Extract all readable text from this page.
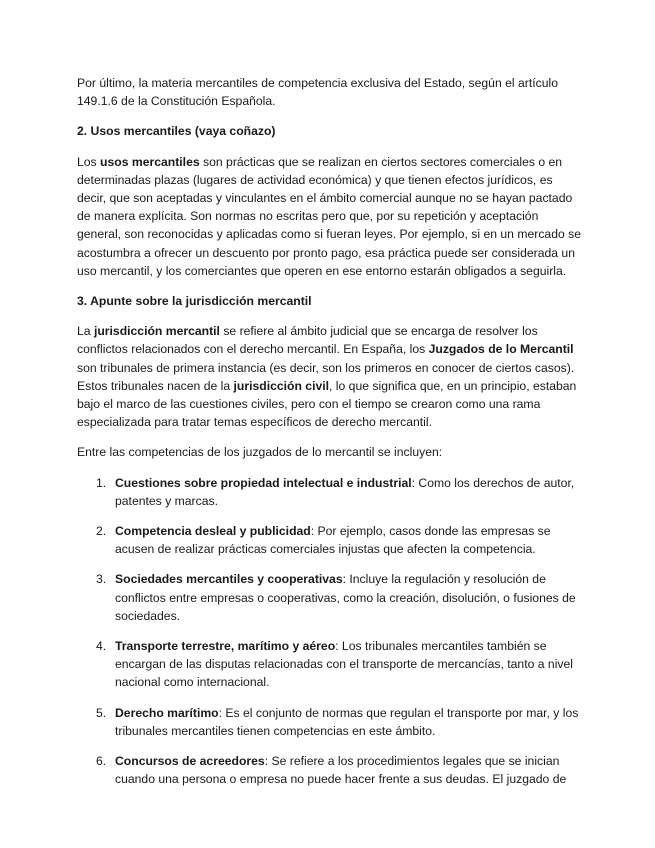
Por último, la materia mercantiles de competencia exclusiva del Estado, según el artículo 149.1.6 de la Constitución Española.

2. Usos mercantiles (vaya coñazo)

Los usos mercantiles son prácticas que se realizan en ciertos sectores comerciales o en determinadas plazas (lugares de actividad económica) y que tienen efectos jurídicos, es decir, que son aceptadas y vinculantes en el ámbito comercial aunque no se hayan pactado de manera explícita. Son normas no escritas pero que, por su repetición y aceptación general, son reconocidas y aplicadas como si fueran leyes. Por ejemplo, si en un mercado se acostumbra a ofrecer un descuento por pronto pago, esa práctica puede ser considerada un uso mercantil, y los comerciantes que operen en ese entorno estarán obligados a seguirla.

3. Apunte sobre la jurisdicción mercantil

La jurisdicción mercantil se refiere al ámbito judicial que se encarga de resolver los conflictos relacionados con el derecho mercantil. En España, los Juzgados de lo Mercantil son tribunales de primera instancia (es decir, son los primeros en conocer de ciertos casos). Estos tribunales nacen de la jurisdicción civil, lo que significa que, en un principio, estaban bajo el marco de las cuestiones civiles, pero con el tiempo se crearon como una rama especializada para tratar temas específicos de derecho mercantil.

Entre las competencias de los juzgados de lo mercantil se incluyen:

1. Cuestiones sobre propiedad intelectual e industrial: Como los derechos de autor, patentes y marcas.
2. Competencia desleal y publicidad: Por ejemplo, casos donde las empresas se acusen de realizar prácticas comerciales injustas que afecten la competencia.
3. Sociedades mercantiles y cooperativas: Incluye la regulación y resolución de conflictos entre empresas o cooperativas, como la creación, disolución, o fusiones de sociedades.
4. Transporte terrestre, marítimo y aéreo: Los tribunales mercantiles también se encargan de las disputas relacionadas con el transporte de mercancías, tanto a nivel nacional como internacional.
5. Derecho marítimo: Es el conjunto de normas que regulan el transporte por mar, y los tribunales mercantiles tienen competencias en este ámbito.
6. Concursos de acreedores: Se refiere a los procedimientos legales que se inician cuando una persona o empresa no puede hacer frente a sus deudas. El juzgado de
